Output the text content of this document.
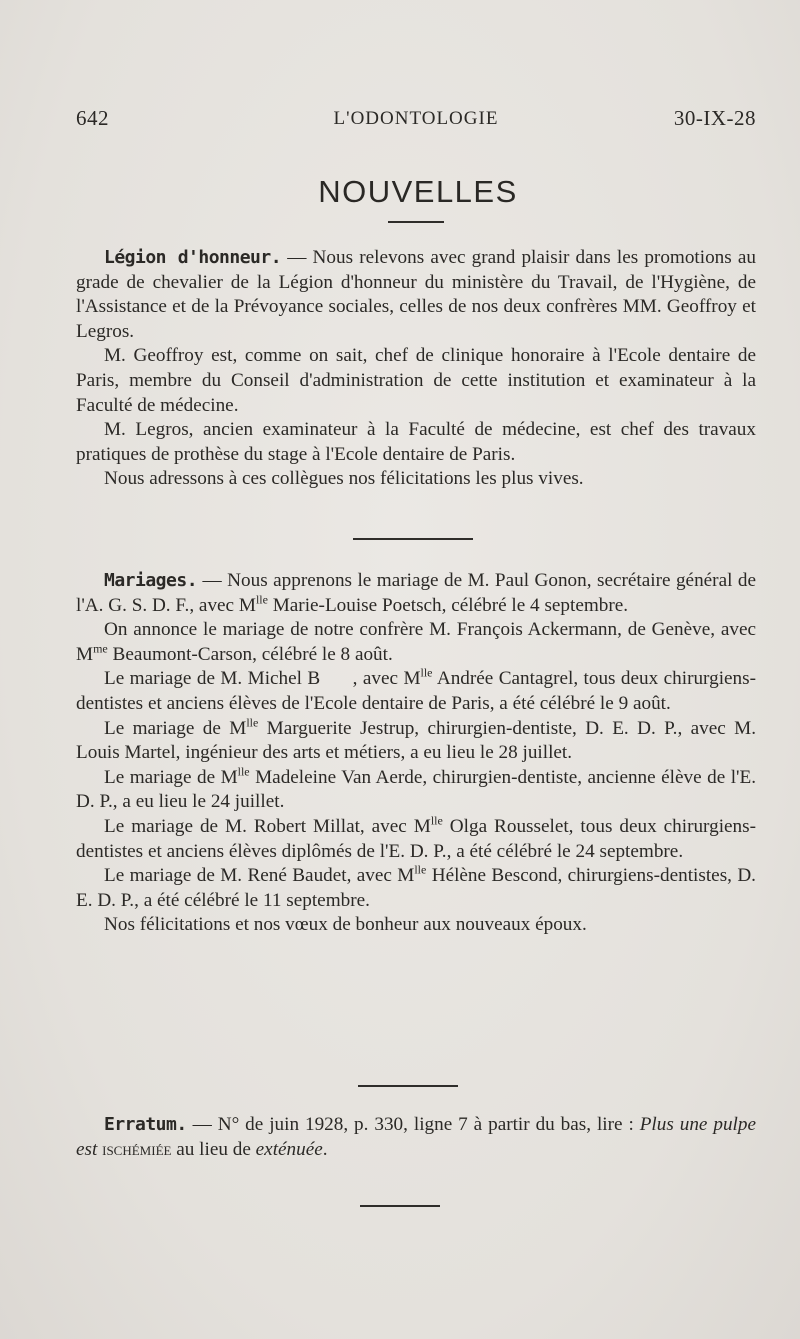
642	L'ODONTOLOGIE	30-IX-28
NOUVELLES

Légion d'honneur. — Nous relevons avec grand plaisir dans les promotions au grade de chevalier de la Légion d'honneur du ministère du Travail, de l'Hygiène, de l'Assistance et de la Prévoyance sociales, celles de nos deux confrères MM. Geoffroy et Legros.

M. Geoffroy est, comme on sait, chef de clinique honoraire à l'Ecole dentaire de Paris, membre du Conseil d'administration de cette institution et examinateur à la Faculté de médecine.

M. Legros, ancien examinateur à la Faculté de médecine, est chef des travaux pratiques de prothèse du stage à l'Ecole dentaire de Paris.

Nous adressons à ces collègues nos félicitations les plus vives.

Mariages. — Nous apprenons le mariage de M. Paul Gonon, secrétaire général de l'A. G. S. D. F., avec $M^{lle}$ Marie-Louise Poetsch, célébré le 4 septembre.

On annonce le mariage de notre confrère M. François Ackermann, de Genève, avec $M^{me}$ Beaumont-Carson, célébré le 8 août.

Le mariage de M. Michel B      , avec $M^{lle}$ Andrée Cantagrel, tous deux chirurgiens-dentistes et anciens élèves de l'Ecole dentaire de Paris, a été célébré le 9 août.

Le mariage de $M^{lle}$ Marguerite Jestrup, chirurgien-dentiste, D. E. D. P., avec M. Louis Martel, ingénieur des arts et métiers, a eu lieu le 28 juillet.

Le mariage de $M^{lle}$ Madeleine Van Aerde, chirurgien-dentiste, ancienne élève de l'E. D. P., a eu lieu le 24 juillet.

Le mariage de M. Robert Millat, avec $M^{lle}$ Olga Rousselet, tous deux chirurgiens-dentistes et anciens élèves diplômés de l'E. D. P., a été célébré le 24 septembre.

Le mariage de M. René Baudet, avec $M^{lle}$ Hélène Bescond, chirurgiens-dentistes, D. E. D. P., a été célébré le 11 septembre.

Nos félicitations et nos vœux de bonheur aux nouveaux époux.

Erratum. — N° de juin 1928, p. 330, ligne 7 à partir du bas, lire : Plus une pulpe est ischémiée au lieu de exténuée.
